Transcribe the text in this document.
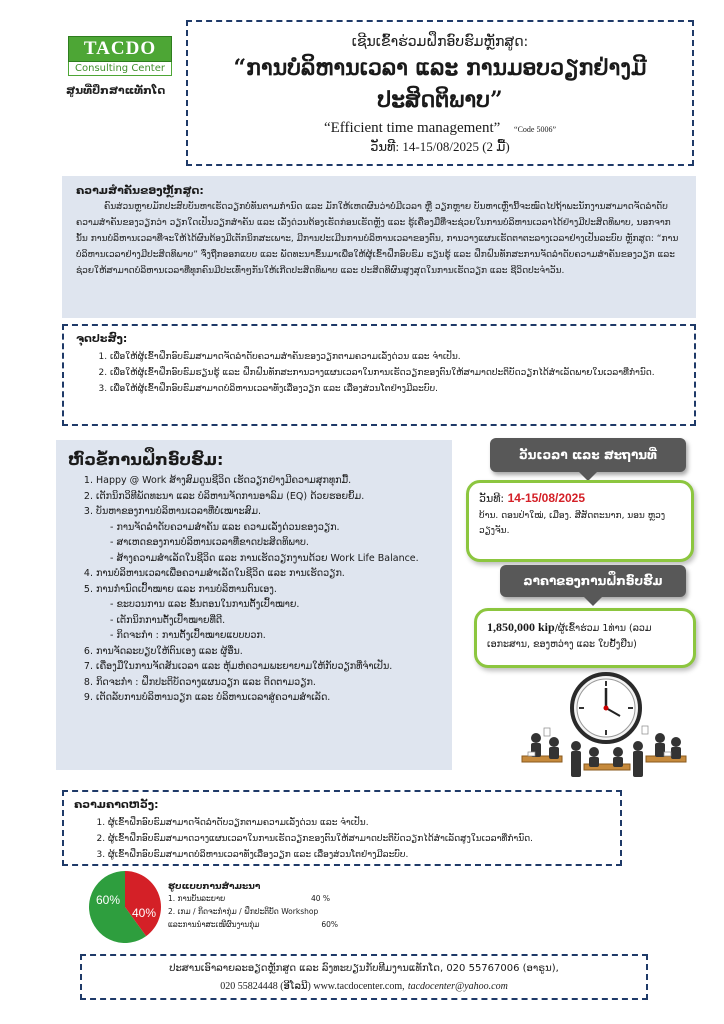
TACDO
Consulting Center
ສູນທີ່ປຶກສາແທັກໂດ
ເຊີນເຂົ້າຮ່ວມຝຶກອົບຮົມຫຼັກສູດ:
“ການບໍລິຫານເວລາ ແລະ ການມອບວຽກຢ່າງມີປະສິດຕິພາບ”
“Efficient time management” “Code 5006”
ວັນທີ: 14-15/08/2025 (2 ມື້)
ຄວາມສຳຄັນຂອງຫຼັກສູດ:

ຄົນສ່ວນຫຼາຍມັກປະສົບບັນຫາເຮັດວຽກບໍ່ທັນຕາມກຳນົດ ແລະ ມັກໃຫ້ເຫດຜົນວ່າບໍ່ມີເວລາ ຫຼື ວຽກຫຼາຍ ບັນຫາເຫຼົ່ານີ້ຈະໝົດໄປຖ້າພະນັກງານສາມາດຈັດລຳດັບຄວາມສຳຄັນຂອງວຽກວ່າ ວຽກໃດເປັນວຽກສຳຄັນ ແລະ ເລັ່ງດ່ວນຕ້ອງເຮັດກ່ອນເຮັດຫຼັງ ແລະ ຮູ້ເຄື່ອງມືທີ່ຈະຊ່ວຍໃນການບໍລິຫານເວລາໄດ້ຢ່າງມີປະສິດທິພາບ, ນອກຈາກນັ້ນ ການບໍລິຫານເວລາທີ່ຈະໃຫ້ໄດ້ຜົນຕ້ອງມີເຕັກນິກສະເພາະ, ມີການປະເມີນການບໍລິຫານເວລາຂອງຕົນ, ການວາງແຜນເຮັດຕາຕະລາງເວລາຢ່າງເປັນລະບົບ ຫຼັກສູດ: “ການບໍລິຫານເວລາຢ່າງມີປະສິດທິພາບ” ຈຶ່ງຖືກອອກແບບ ແລະ ພັດທະນາຂຶ້ນມາເພື່ອໃຫ້ຜູ້ເຂົ້າຝຶກອົບຮົມ ຮຽນຮູ້ ແລະ ຝຶກຝົນທັກສະການຈັດລຳດັບຄວາມສຳຄັນຂອງວຽກ ແລະ ຊ່ວຍໃຫ້ສາມາດບໍລິຫານເວລາທີ່ທຸກຄົນມີປະເທົ່າໆກັນໃຫ້ເກີດປະສິດທິພາບ ແລະ ປະສິດທິຜົນສູງສຸດໃນການເຮັດວຽກ ແລະ ຊີວິດປະຈຳວັນ.

ຈຸດປະສົງ:
1. ເພື່ອໃຫ້ຜູ້ເຂົ້າຝຶກອົບຮົມສາມາດຈັດລຳດັບຄວາມສຳຄັນຂອງວຽກຕາມຄວາມເລັ່ງດ່ວນ ແລະ ຈຳເປັນ.
2. ເພື່ອໃຫ້ຜູ້ເຂົ້າຝຶກອົບຮົມຮຽນຮູ້ ແລະ ຝຶກຝົນທັກສະການວາງແຜນເວລາໃນການເຮັດວຽກຂອງຕົນໃຫ້ສາມາດປະຕິບັດວຽກໄດ້ສຳເລັດພາຍໃນເວລາທີ່ກຳນົດ.
3. ເພື່ອໃຫ້ຜູ້ເຂົ້າຝຶກອົບຮົມສາມາດບໍລິຫານເວລາທັງເລື່ອງວຽກ ແລະ ເລື່ອງສ່ວນໂຕຢ່າງມີລະບົບ.
ຫົວຂໍ້ການຝຶກອົບຮົມ:
1. Happy @ Work ສ້າງສົມດູນຊີວິດ ເຮັດວຽກຢ່າງມີຄວາມສຸກທຸກມື້.
2. ເຕັກນິກວິທີພັດທະນາ ແລະ ບໍລິຫານຈັດການອາລົມ (EQ) ດ້ວຍຮອຍຍິ້ມ.
3. ບັນຫາຂອງການບໍລິຫານເວລາທີ່ບໍ່ເໝາະສົມ.
- ການຈັດລຳດັບຄວາມສຳຄັນ ແລະ ຄວາມເລັ່ງດ່ວນຂອງວຽກ.
- ສາເຫດຂອງການບໍລິຫານເວລາທີ່ຂາດປະສິດທິພາບ.
- ສ້າງຄວາມສຳເລັດໃນຊີວິດ ແລະ ການເຮັດວຽກງານດ້ວຍ Work Life Balance.
4. ການບໍລິຫານເວລາເພື່ອຄວາມສຳເລັດໃນຊີວິດ ແລະ ການເຮັດວຽກ.
5. ການກຳນົດເປົ້າໝາຍ ແລະ ການບໍລິຫານຕົນເອງ.
- ຂະບວນການ ແລະ ຂັ້ນຕອນໃນການຕັ້ງເປົ້າໝາຍ.
- ເຕັກນິກການຕັ້ງເປົ້າໝາຍທີ່ດີ.
- ກິດຈະກຳ : ການຕັ້ງເປົ້າໝາຍແບບບວກ.
6. ການຈັດລະບຽບໃຫ້ຕົນເອງ ແລະ ຜູ້ອື່ນ.
7. ເຄື່ອງມືໃນການຈັດສັນເວລາ ແລະ ຫຸ້ມຫໍຄວາມພະຍາຍາມໃຫ້ກັບວຽກທີ່ຈຳເປັນ.
8. ກິດຈະກຳ : ຝຶກປະຕິບັດວາງແຜນວຽກ ແລະ ຕິດຕາມວຽກ.
9. ເຕັດລັບການບໍລິຫານວຽກ ແລະ ບໍລິຫານເວລາສູ່ຄວາມສຳເລັດ.
ວັນເວລາ ແລະ ສະຖານທີ່
ວັນທີ: 14-15/08/2025
ບ້ານ. ດອນປ່າໃໝ່, ເມືອງ. ສີສັດຕະນາກ, ນອນ ຫຼວງວຽງຈັນ.
ລາຄາຂອງການຝຶກອົບຮົມ
1,850,000 kip/ຜູ້ເຂົ້າຮ່ວມ 1ທ່ານ (ລວມເອກະສານ, ຂອງຫວ່າງ ແລະ ໃບຢັ້ງຢືນ)
ຄວາມຄາດຫວັງ:
1. ຜູ້ເຂົ້າຝຶກອົບຮົມສາມາດຈັດລຳດັບວຽກຕາມຄວາມເລັ່ງດ່ວນ ແລະ ຈຳເປັນ.
2. ຜູ້ເຂົ້າຝຶກອົບຮົມສາມາດວາງແຜນເວລາໃນການເຮັດວຽກຂອງຕົນໃຫ້ສາມາດປະຕິບັດວຽກໄດ້ສຳເລັດສູງໃນເວລາທີ່ກຳນົດ.
3. ຜູ້ເຂົ້າຝຶກອົບຮົມສາມາດບໍລິຫານເວລາທັງເລື່ອງວຽກ ແລະ ເລື່ອງສ່ວນໂຕຢ່າງມີລະບົບ.
60%
40%
ຮູບແບບການສຳມະນາ
1. ການບັນລະຍາຍ	40 %
2. ເກມ / ກິດຈະກຳກຸ່ມ / ຝຶກປະຕິບັດ Workshop
ແລະການນຳສະເໜີຜົນງານກຸ່ມ	60%
ປະສານເອົາລາຍລະອຽດຫຼັກສູດ ແລະ ລົງທະບຽນກັບທີມງານແທັກໂດ, 020 55767006 (ອາຣູນ),
020 55824448 (ອີໂລນີ) www.tacdocenter.com, tacdocenter@yahoo.com
